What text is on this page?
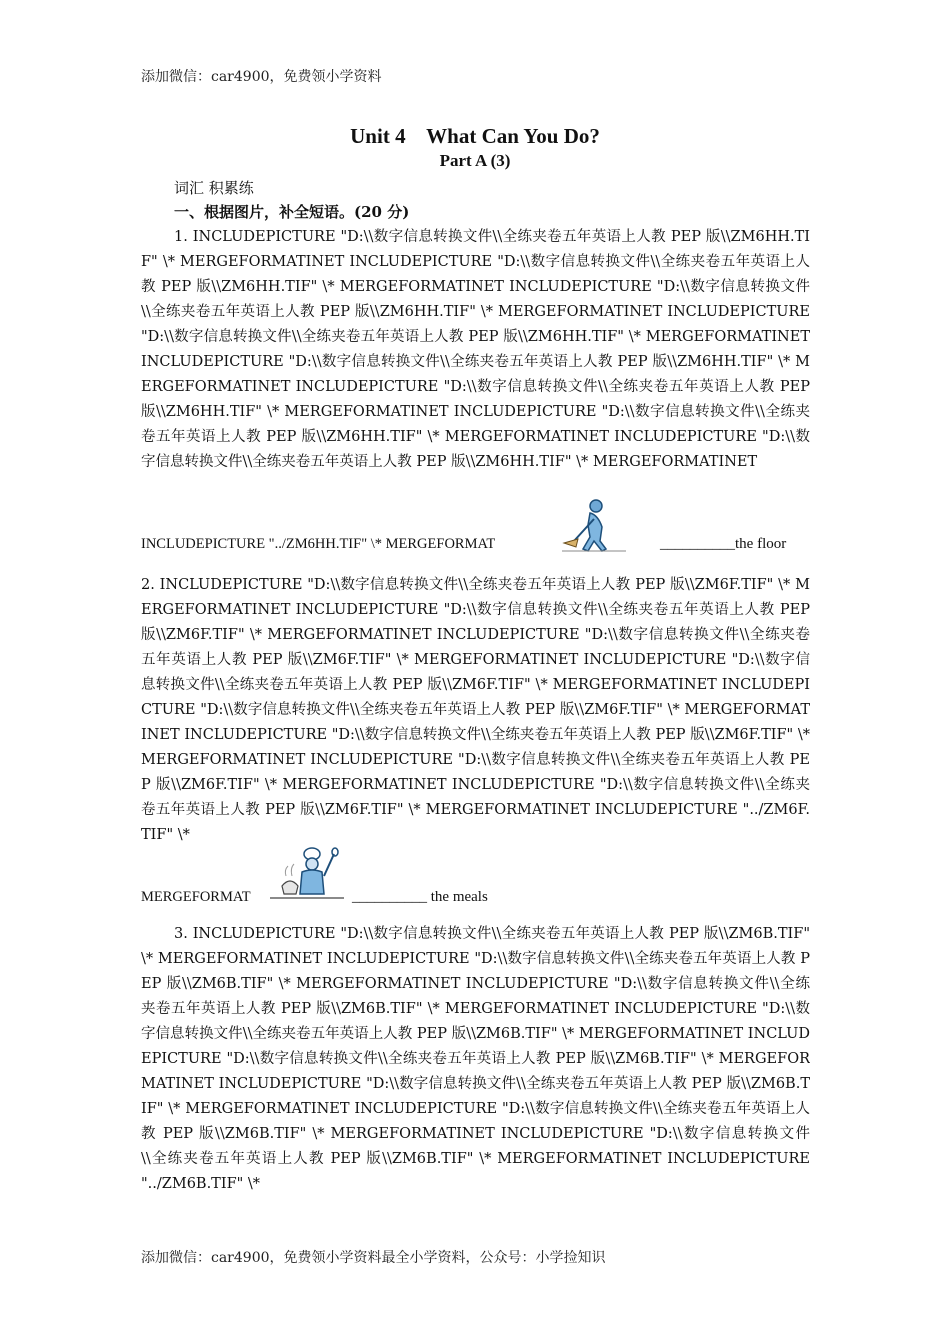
添加微信：car4900，免费领小学资料
Unit 4    What Can You Do?
Part A (3)
词汇 积累练
一、根据图片，补全短语。(20 分)

1. INCLUDEPICTURE "D:\\数字信息转换文件\\全练夹卷五年英语上人教 PEP 版\\ZM6HH.TIF" \* MERGEFORMATINET INCLUDEPICTURE "D:\\数字信息转换文件\\全练夹卷五年英语上人教 PEP 版\\ZM6HH.TIF" \* MERGEFORMATINET INCLUDEPICTURE "D:\\数字信息转换文件\\全练夹卷五年英语上人教 PEP 版\\ZM6HH.TIF" \* MERGEFORMATINET INCLUDEPICTURE "D:\\数字信息转换文件\\全练夹卷五年英语上人教 PEP 版\\ZM6HH.TIF" \* MERGEFORMATINET INCLUDEPICTURE "D:\\数字信息转换文件\\全练夹卷五年英语上人教 PEP 版\\ZM6HH.TIF" \* MERGEFORMATINET INCLUDEPICTURE "D:\\数字信息转换文件\\全练夹卷五年英语上人教 PEP 版\\ZM6HH.TIF" \* MERGEFORMATINET INCLUDEPICTURE "D:\\数字信息转换文件\\全练夹卷五年英语上人教 PEP 版\\ZM6HH.TIF" \* MERGEFORMATINET INCLUDEPICTURE "D:\\数字信息转换文件\\全练夹卷五年英语上人教 PEP 版\\ZM6HH.TIF" \* MERGEFORMATINET

INCLUDEPICTURE "../ZM6HH.TIF" \* MERGEFORMAT	__________the floor

2. INCLUDEPICTURE "D:\\数字信息转换文件\\全练夹卷五年英语上人教 PEP 版\\ZM6F.TIF" \* MERGEFORMATINET INCLUDEPICTURE "D:\\数字信息转换文件\\全练夹卷五年英语上人教 PEP 版\\ZM6F.TIF" \* MERGEFORMATINET INCLUDEPICTURE "D:\\数字信息转换文件\\全练夹卷五年英语上人教 PEP 版\\ZM6F.TIF" \* MERGEFORMATINET INCLUDEPICTURE "D:\\数字信息转换文件\\全练夹卷五年英语上人教 PEP 版\\ZM6F.TIF" \* MERGEFORMATINET INCLUDEPICTURE "D:\\数字信息转换文件\\全练夹卷五年英语上人教 PEP 版\\ZM6F.TIF" \* MERGEFORMATINET INCLUDEPICTURE "D:\\数字信息转换文件\\全练夹卷五年英语上人教 PEP 版\\ZM6F.TIF" \* MERGEFORMATINET INCLUDEPICTURE "D:\\数字信息转换文件\\全练夹卷五年英语上人教 PEP 版\\ZM6F.TIF" \* MERGEFORMATINET INCLUDEPICTURE "D:\\数字信息转换文件\\全练夹卷五年英语上人教 PEP 版\\ZM6F.TIF" \* MERGEFORMATINET INCLUDEPICTURE "../ZM6F.TIF" \*

MERGEFORMAT	__________ the meals

3. INCLUDEPICTURE "D:\\数字信息转换文件\\全练夹卷五年英语上人教 PEP 版\\ZM6B.TIF" \* MERGEFORMATINET INCLUDEPICTURE "D:\\数字信息转换文件\\全练夹卷五年英语上人教 PEP 版\\ZM6B.TIF" \* MERGEFORMATINET INCLUDEPICTURE "D:\\数字信息转换文件\\全练夹卷五年英语上人教 PEP 版\\ZM6B.TIF" \* MERGEFORMATINET INCLUDEPICTURE "D:\\数字信息转换文件\\全练夹卷五年英语上人教 PEP 版\\ZM6B.TIF" \* MERGEFORMATINET INCLUDEPICTURE "D:\\数字信息转换文件\\全练夹卷五年英语上人教 PEP 版\\ZM6B.TIF" \* MERGEFORMATINET INCLUDEPICTURE "D:\\数字信息转换文件\\全练夹卷五年英语上人教 PEP 版\\ZM6B.TIF" \* MERGEFORMATINET INCLUDEPICTURE "D:\\数字信息转换文件\\全练夹卷五年英语上人教 PEP 版\\ZM6B.TIF" \* MERGEFORMATINET INCLUDEPICTURE "D:\\数字信息转换文件\\全练夹卷五年英语上人教 PEP 版\\ZM6B.TIF" \* MERGEFORMATINET INCLUDEPICTURE "../ZM6B.TIF" \*

添加微信：car4900，免费领小学资料最全小学资料，公众号：小学捡知识
